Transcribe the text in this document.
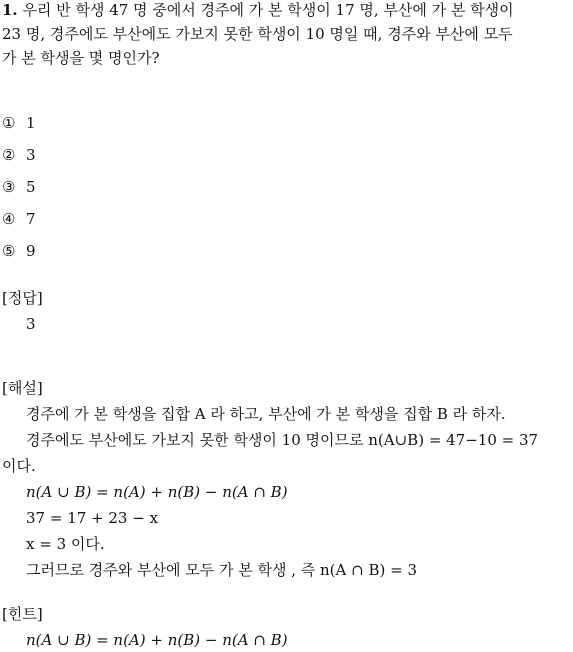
1. 우리 반 학생 47 명 중에서 경주에 가 본 학생이 17 명, 부산에 가 본 학생이
23 명, 경주에도 부산에도 가보지 못한 학생이 10 명일 때, 경주와 부산에 모두
가 본 학생을 몇 명인가?
① 1
② 3
③ 5
④ 7
⑤ 9
[정답]
3
[해설]
경주에 가 본 학생을 집합 A 라 하고, 부산에 가 본 학생을 집합 B 라 하자.
경주에도 부산에도 가보지 못한 학생이 10 명이므로 n(A∪B) = 47−10 = 37
이다.
n(A ∪ B) = n(A) + n(B) − n(A ∩ B)
37 = 17 + 23 − x
x = 3 이다.
그러므로 경주와 부산에 모두 가 본 학생 , 즉 n(A ∩ B) = 3
[힌트]
n(A ∪ B) = n(A) + n(B) − n(A ∩ B)
